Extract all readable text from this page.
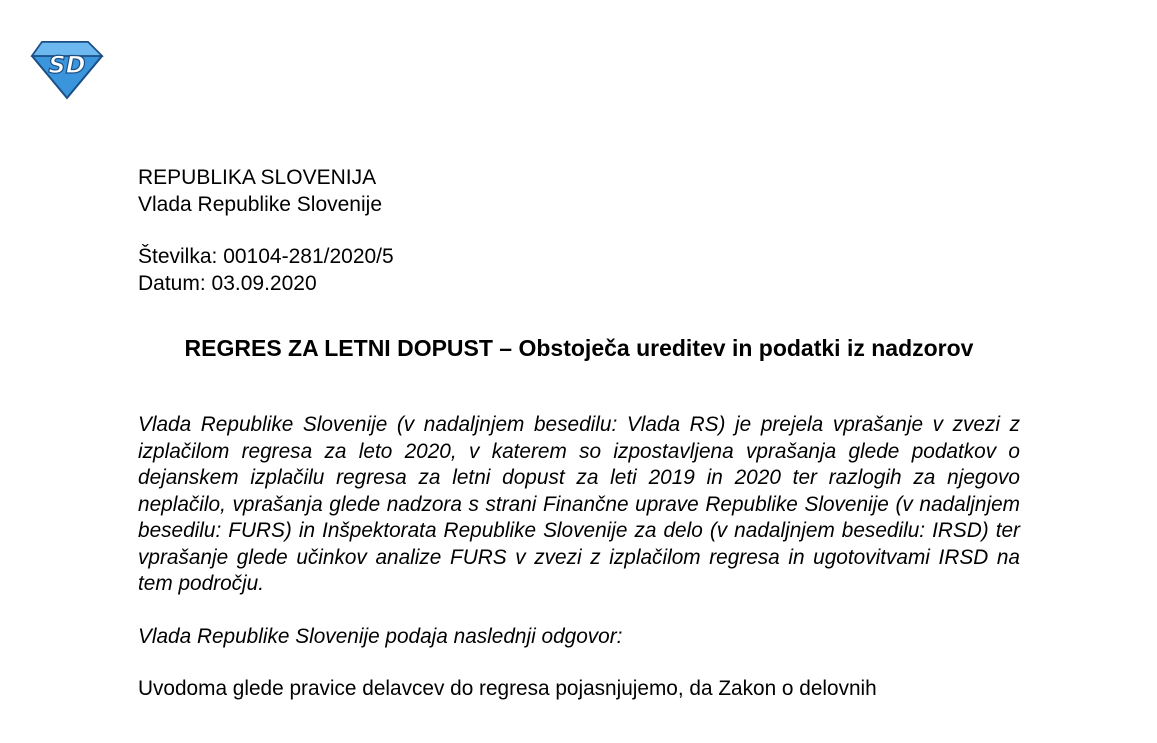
SD
REPUBLIKA SLOVENIJA
Vlada Republike Slovenije
Številka: 00104-281/2020/5
Datum: 03.09.2020
REGRES ZA LETNI DOPUST – Obstoječa ureditev in podatki iz nadzorov
Vlada Republike Slovenije (v nadaljnjem besedilu: Vlada RS) je prejela vprašanje v zvezi z izplačilom regresa za leto 2020, v katerem so izpostavljena vprašanja glede podatkov o dejanskem izplačilu regresa za letni dopust za leti 2019 in 2020 ter razlogih za njegovo neplačilo, vprašanja glede nadzora s strani Finančne uprave Republike Slovenije (v nadaljnjem besedilu: FURS) in Inšpektorata Republike Slovenije za delo (v nadaljnjem besedilu: IRSD) ter vprašanje glede učinkov analize FURS v zvezi z izplačilom regresa in ugotovitvami IRSD na tem področju.
Vlada Republike Slovenije podaja naslednji odgovor:
Uvodoma glede pravice delavcev do regresa pojasnjujemo, da Zakon o delovnih
